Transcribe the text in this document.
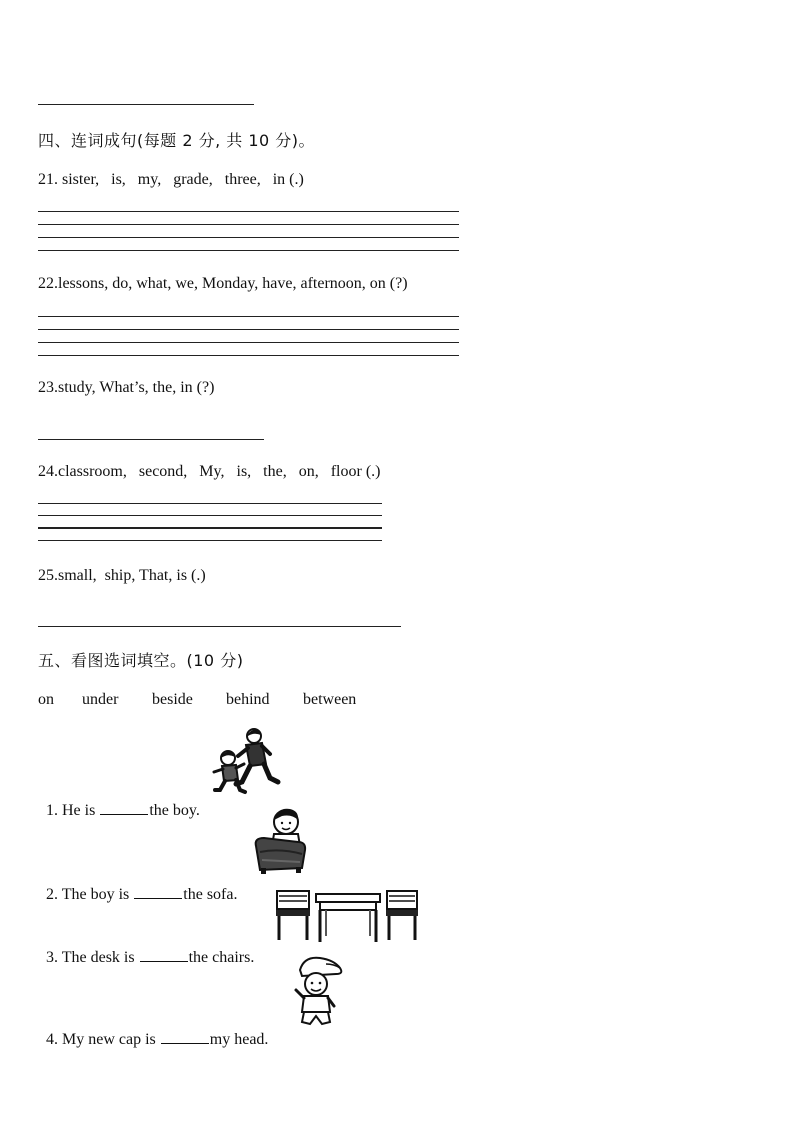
四、连词成句(每题 2 分, 共 10 分)。
21. sister,   is,   my,   grade,   three,   in (.)
22.lessons, do, what, we, Monday, have, afternoon, on (?)
23.study, What’s, the, in (?)
24.classroom,   second,   My,   is,   the,   on,   floor (.)
25.small,  ship, That, is (.)
五、看图选词填空。(10 分)
on under beside behind between

1. He is	the boy.

2. The boy is	the sofa.

3. The desk is	the chairs.

4. My new cap is	my head.
